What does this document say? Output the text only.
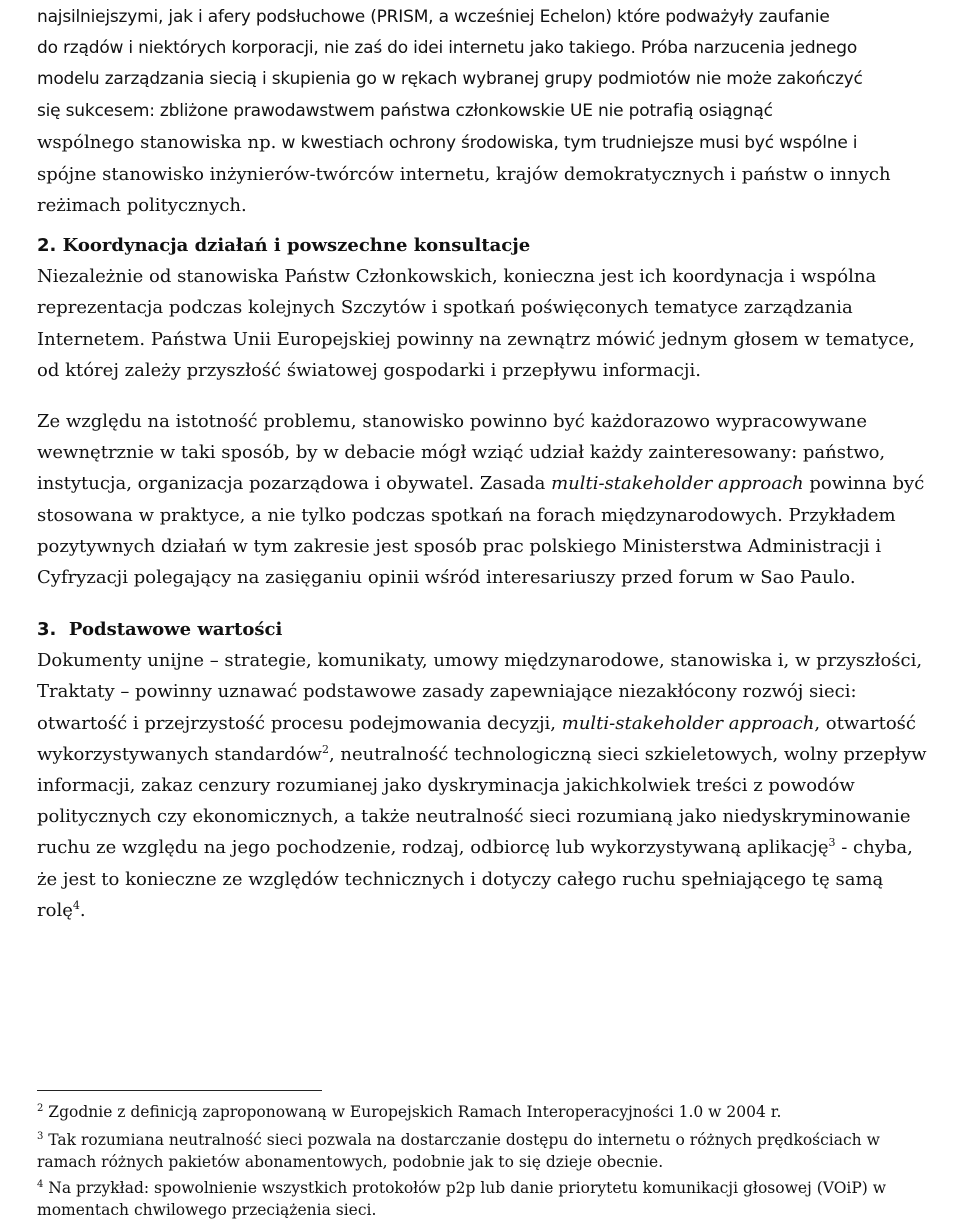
najsilniejszymi, jak i afery podsłuchowe (PRISM, a wcześniej Echelon) które podważyły zaufanie
do rządów i niektórych korporacji, nie zaś do idei internetu jako takiego. Próba narzucenia jednego
modelu zarządzania siecią i skupienia go w rękach wybranej grupy podmiotów nie może zakończyć
się sukcesem: zbliżone prawodawstwem państwa członkowskie UE nie potrafią osiągnąć
wspólnego stanowiska np. w kwestiach ochrony środowiska, tym trudniejsze musi być wspólne i
spójne stanowisko inżynierów-twórców internetu, krajów demokratycznych i państw o innych
reżimach politycznych.
2. Koordynacja działań i powszechne konsultacje

Niezależnie od stanowiska Państw Członkowskich, konieczna jest ich koordynacja i wspólna reprezentacja podczas kolejnych Szczytów i spotkań poświęconych tematyce zarządzania Internetem. Państwa Unii Europejskiej powinny na zewnątrz mówić jednym głosem w tematyce, od której zależy przyszłość światowej gospodarki i przepływu informacji.

Ze względu na istotność problemu, stanowisko powinno być każdorazowo wypracowywane wewnętrznie w taki sposób, by w debacie mógł wziąć udział każdy zainteresowany: państwo, instytucja, organizacja pozarządowa i obywatel. Zasada multi-stakeholder approach powinna być stosowana w praktyce, a nie tylko podczas spotkań na forach międzynarodowych. Przykładem pozytywnych działań w tym zakresie jest sposób prac polskiego Ministerstwa Administracji i Cyfryzacji polegający na zasięganiu opinii wśród interesariuszy przed forum w Sao Paulo.

3. Podstawowe wartości

Dokumenty unijne – strategie, komunikaty, umowy międzynarodowe, stanowiska i, w przyszłości, Traktaty – powinny uznawać podstawowe zasady zapewniające niezakłócony rozwój sieci: otwartość i przejrzystość procesu podejmowania decyzji, multi-stakeholder approach, otwartość wykorzystywanych standardów$^2$, neutralność technologiczną sieci szkieletowych, wolny przepływ informacji, zakaz cenzury rozumianej jako dyskryminacja jakichkolwiek treści z powodów politycznych czy ekonomicznych, a także neutralność sieci rozumianą jako niedyskryminowanie ruchu ze względu na jego pochodzenie, rodzaj, odbiorcę lub wykorzystywaną aplikację$^3$ - chyba, że jest to konieczne ze względów technicznych i dotyczy całego ruchu spełniającego tę samą rolę$^4$.

$^2$ Zgodnie z definicją zaproponowaną w Europejskich Ramach Interoperacyjności 1.0 w 2004 r.

$^3$ Tak rozumiana neutralność sieci pozwala na dostarczanie dostępu do internetu o różnych prędkościach w ramach różnych pakietów abonamentowych, podobnie jak to się dzieje obecnie.

$^4$ Na przykład: spowolnienie wszystkich protokołów p2p lub danie priorytetu komunikacji głosowej (VOiP) w momentach chwilowego przeciążenia sieci.
